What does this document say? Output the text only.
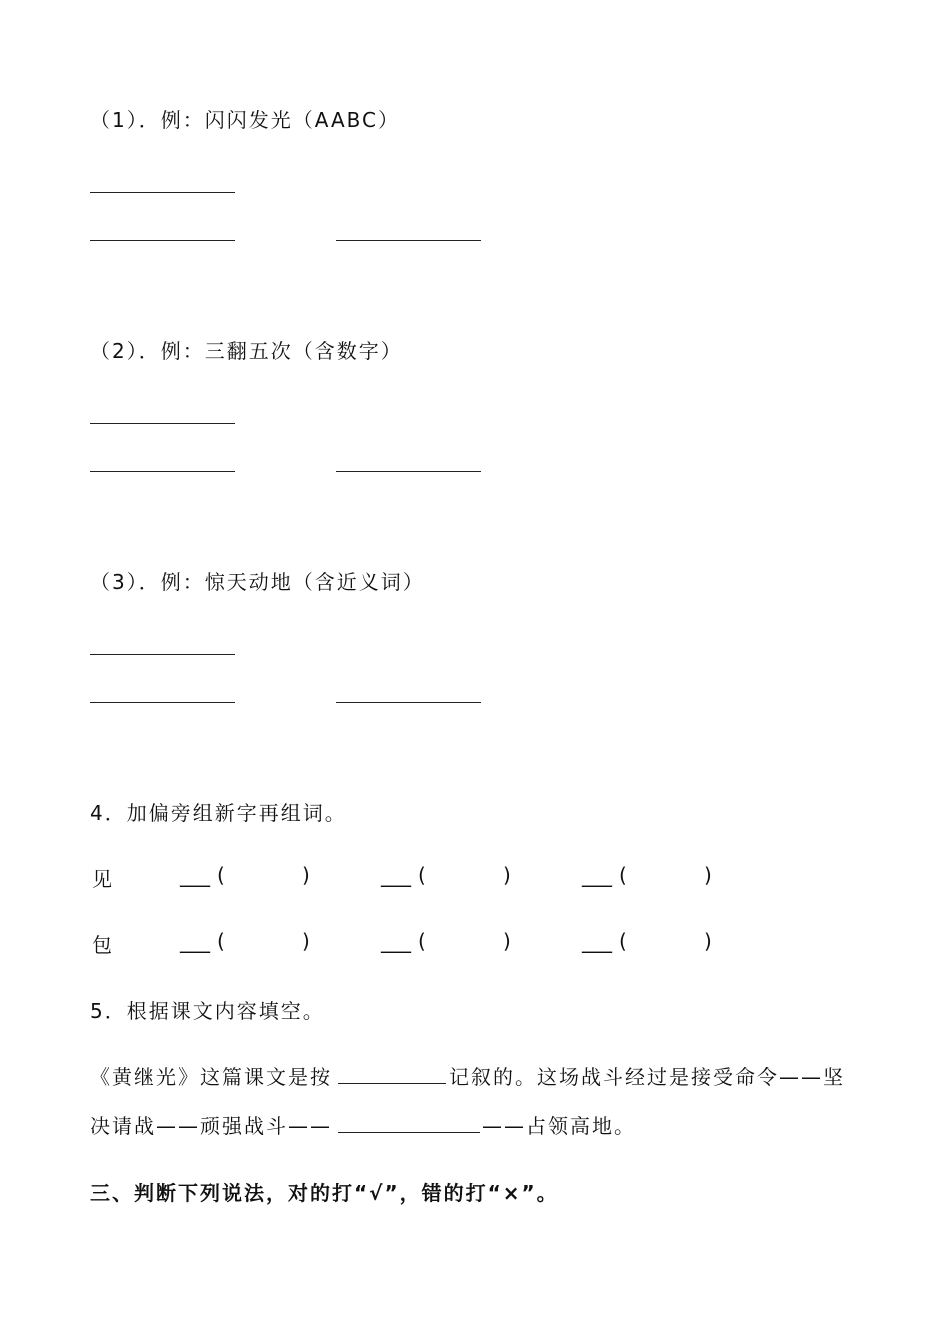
（1）．例：闪闪发光（AABC）
（2）．例：三翻五次（含数字）
（3）．例：惊天动地（含近义词）
4．加偏旁组新字再组词。
见	___ (	)	___ (	)	___ (	)
包	___ (	)	___ (	)	___ (	)
5．根据课文内容填空。
《黄继光》这篇课文是按	记叙的。这场战斗经过是接受命令——坚
决请战——顽强战斗——	——占领高地。
三、判断下列说法，对的打“√”，错的打“×”。
